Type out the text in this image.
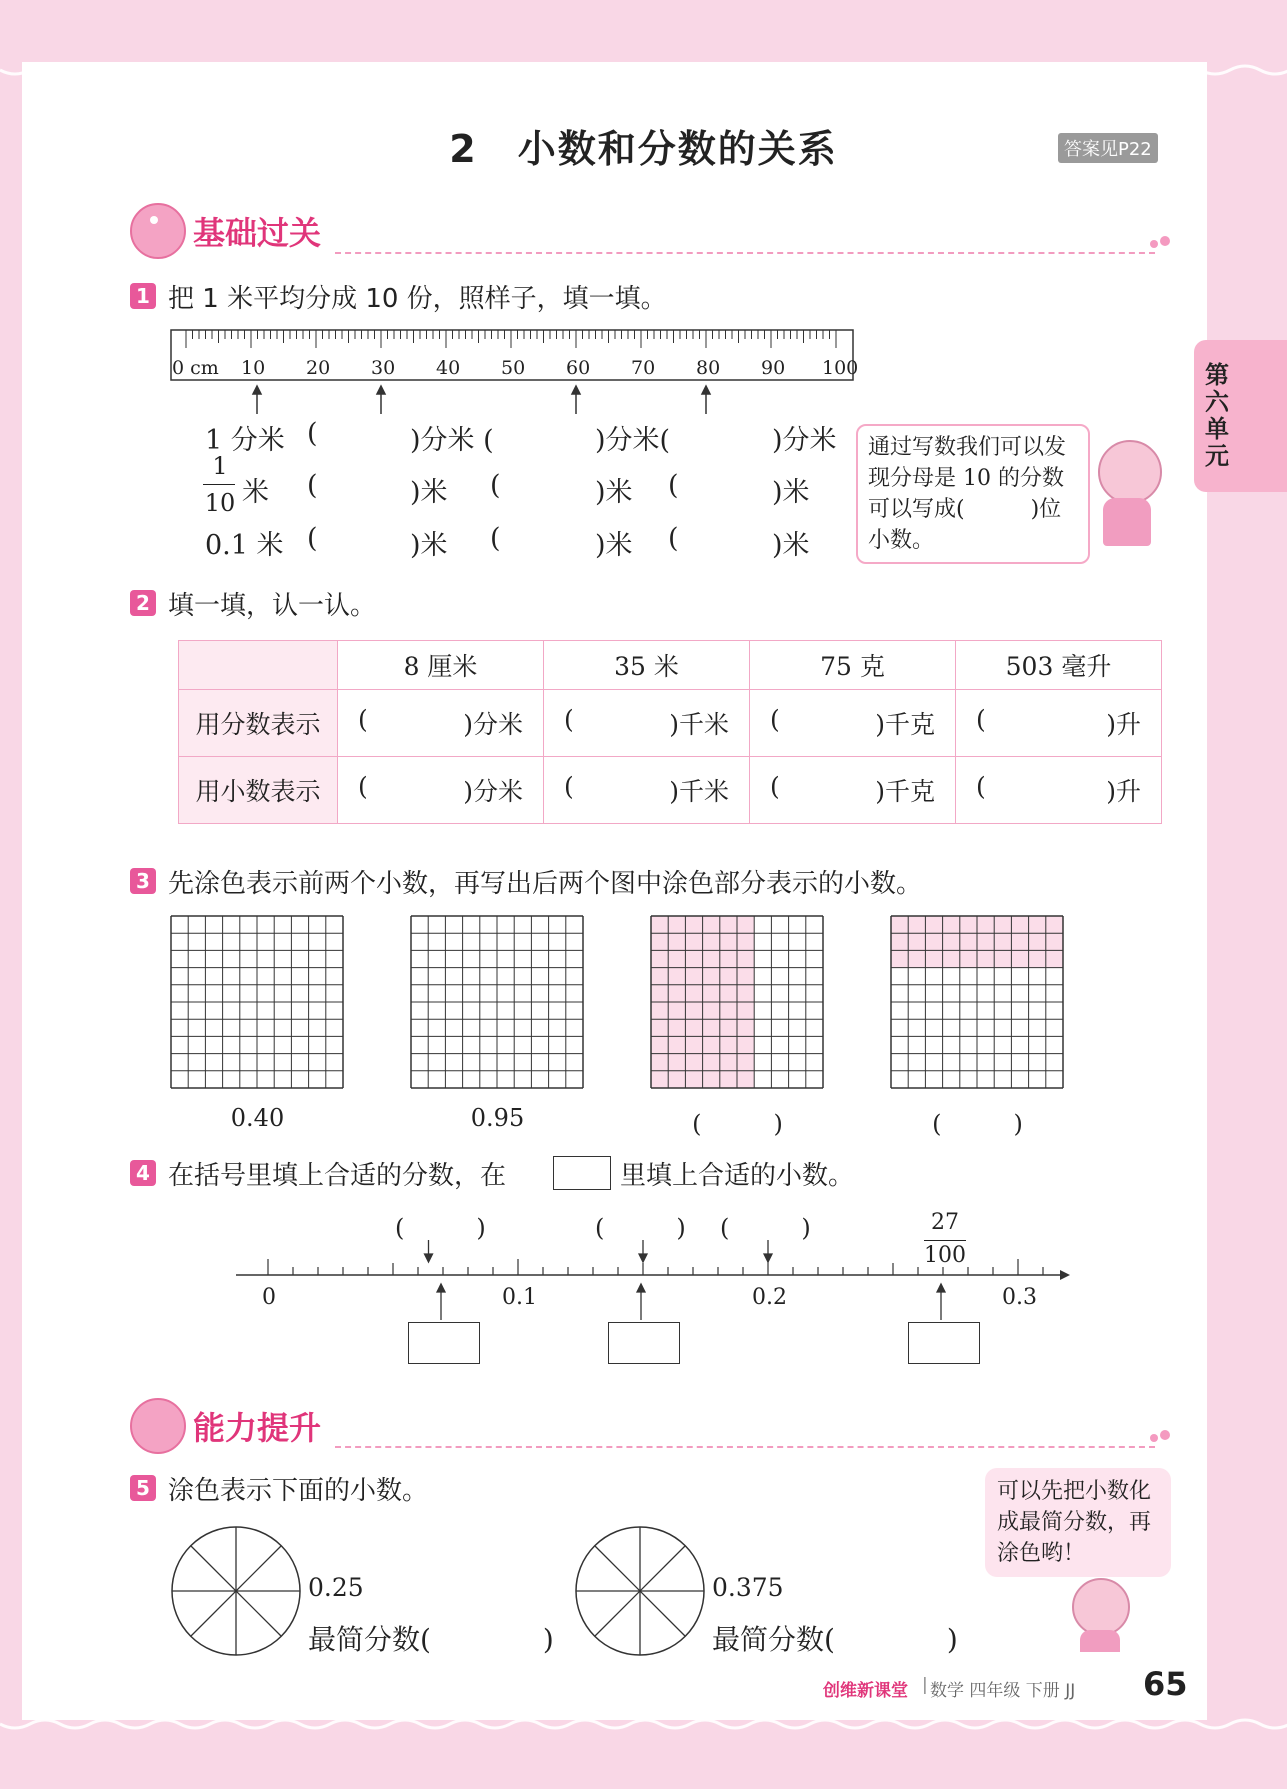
2　小数和分数的关系	答案见P22
第六单元
基础过关
1 把 1 米平均分成 10 份，照样子，填一填。
0 cm 10 20 30 40 50 60 70 80 90 100
1 分米 (	)分米 (	)分米(	)分米
1
10 米 (	)米 (	)米 (	)米
0.1 米 (	)米 (	)米 (	)米
通过写数我们可以发现分母是 10 的分数可以写成(　　　)位小数。
2 填一填，认一认。
	8 厘米	35 米	75 克	503 毫升
用分数表示	( )分米	( )千米	( )千克	( )升

用小数表示	( )分米	( )千米	( )千克	( )升
3 先涂色表示前两个小数，再写出后两个图中涂色部分表示的小数。
0.40	0.95	(　　　)	(　　　)
4 在括号里填上合适的分数，在	里填上合适的小数。
(　　　)	(　　　) (　　　)	27
100
0	0.1	0.2	0.3
能力提升
5 涂色表示下面的小数。
0.25
最简分数(　　　　)
0.375
最简分数(　　　　)
可以先把小数化成最简分数，再涂色哟！
创维新课堂 | 数学 四年级 下册 JJ 65
